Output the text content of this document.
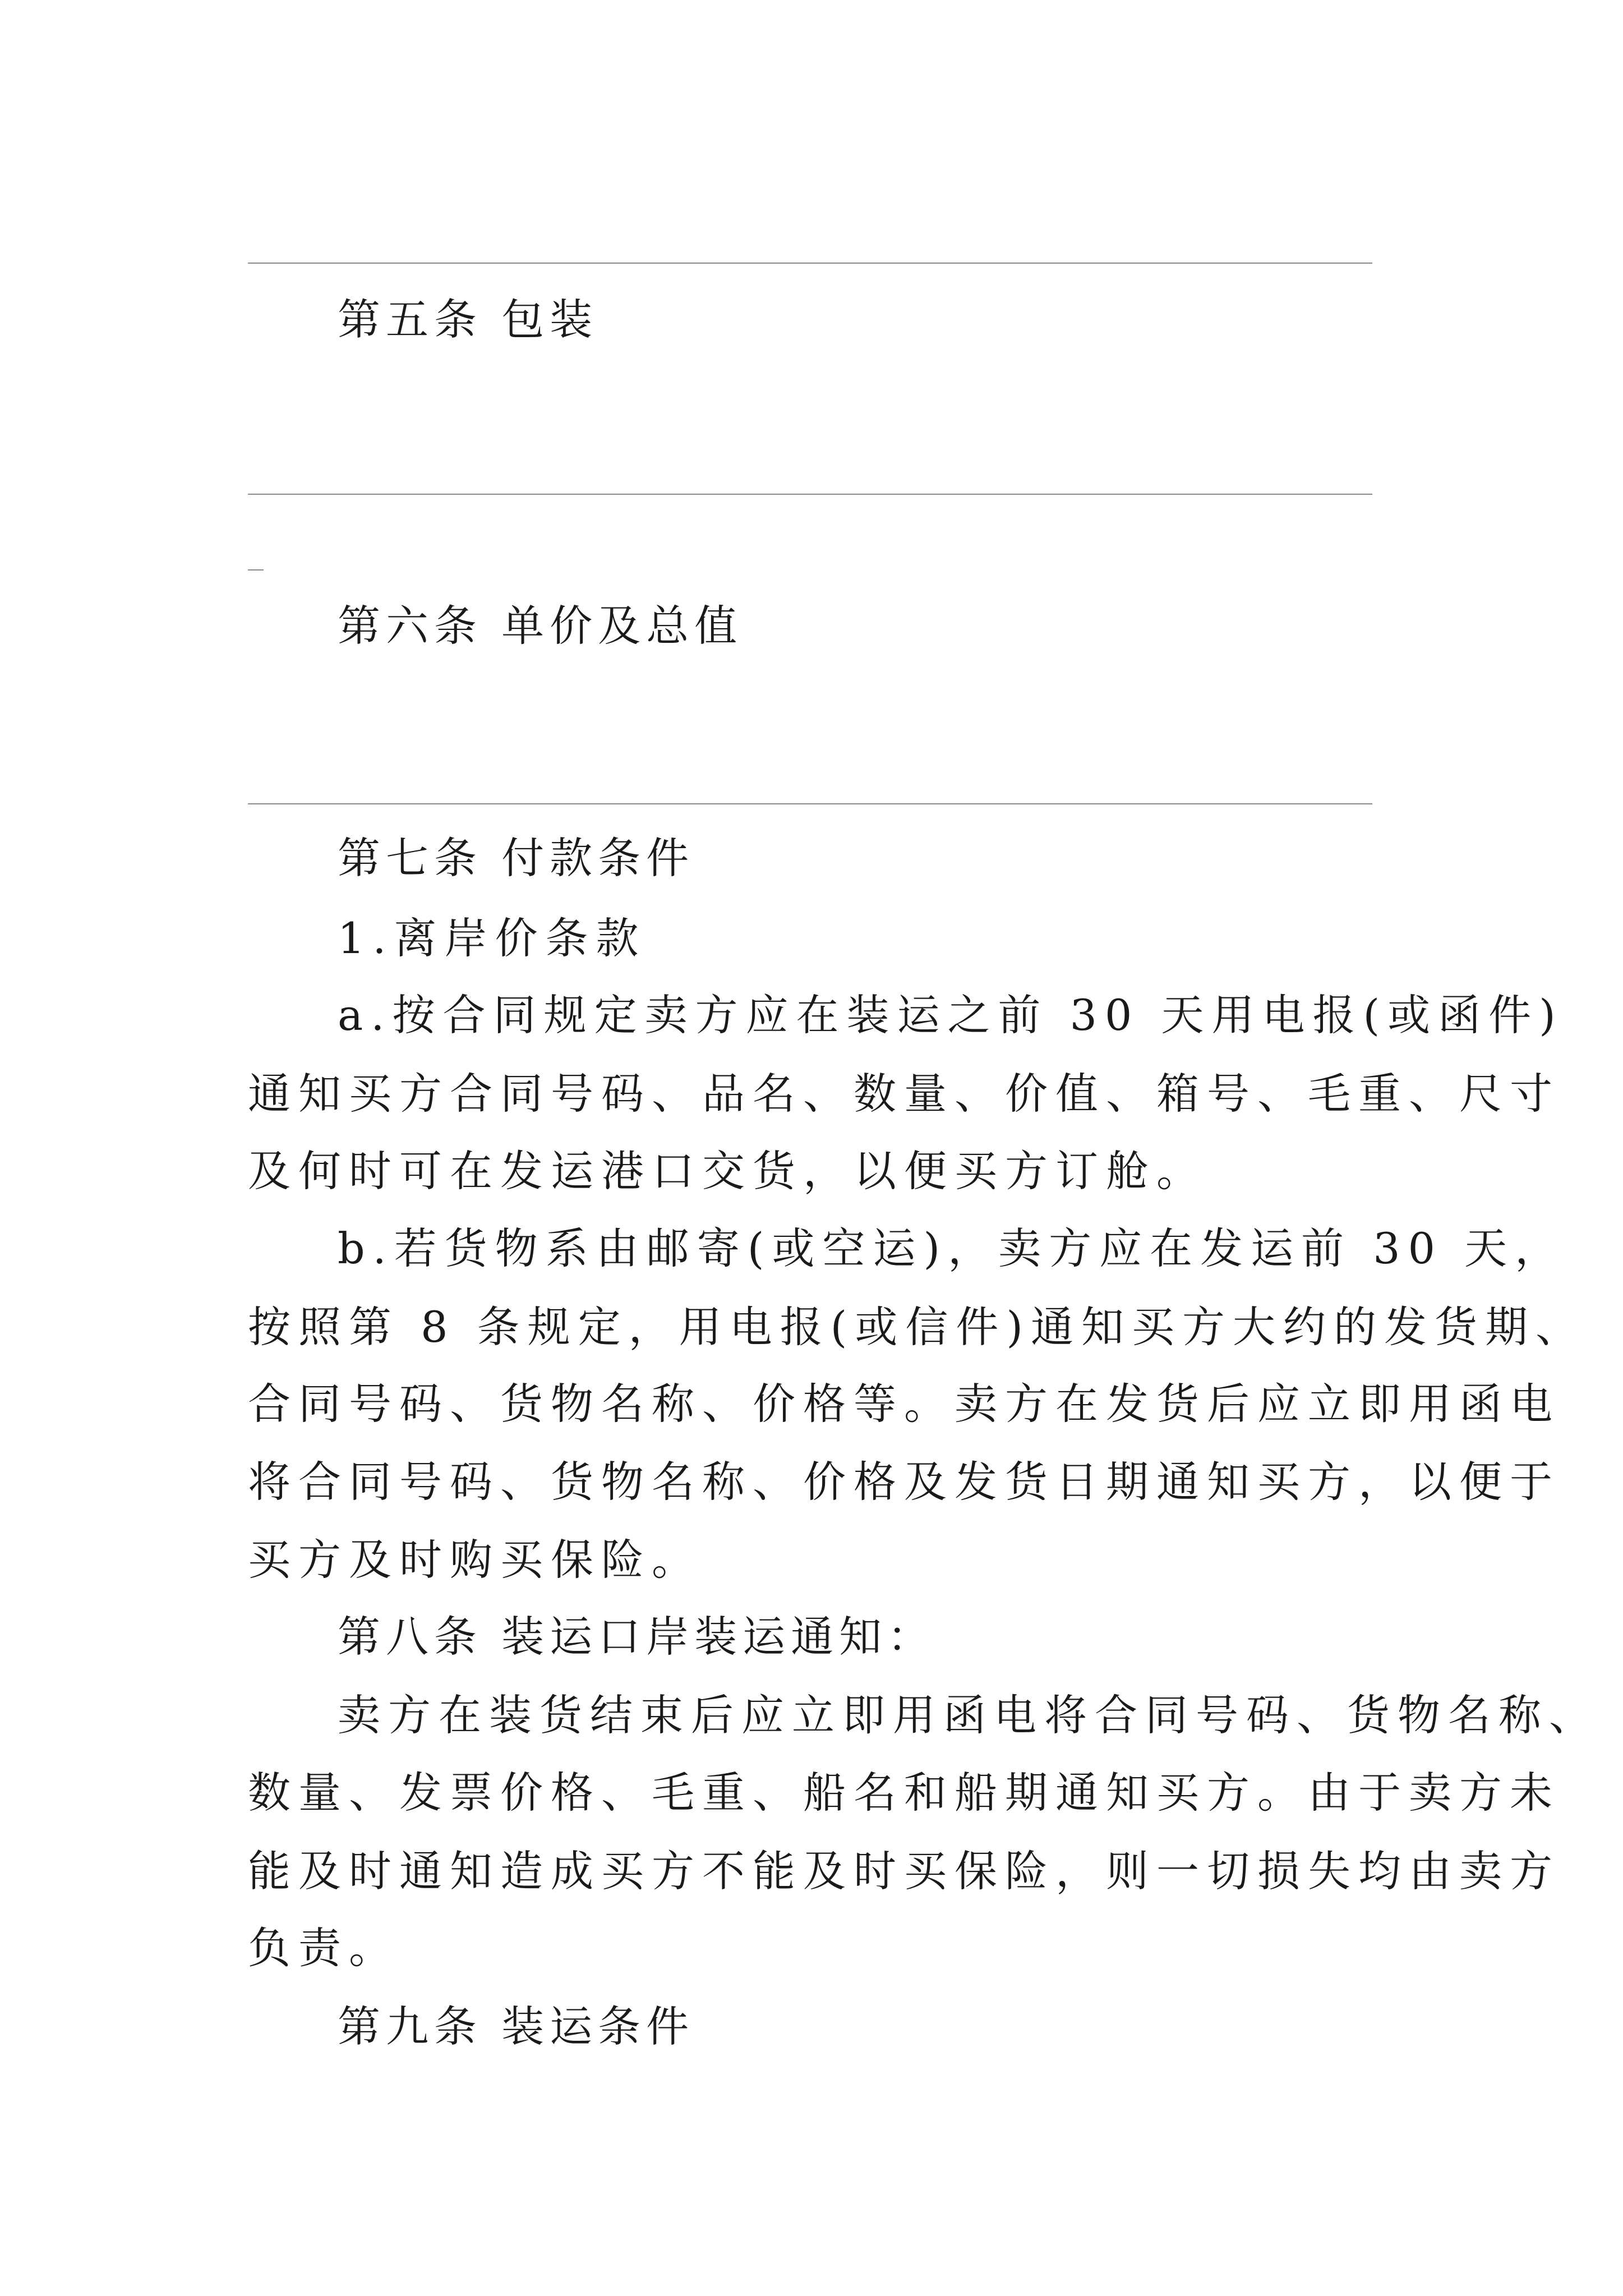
第五条 包装
第六条 单价及总值
第七条 付款条件
1.离岸价条款
a.按合同规定卖方应在装运之前 30 天用电报(或函件)
通知买方合同号码、品名、数量、价值、箱号、毛重、尺寸
及何时可在发运港口交货，以便买方订舱。
b.若货物系由邮寄(或空运)，卖方应在发运前 30 天，
按照第 8 条规定，用电报(或信件)通知买方大约的发货期、
合同号码、货物名称、价格等。卖方在发货后应立即用函电
将合同号码、货物名称、价格及发货日期通知买方，以便于
买方及时购买保险。
第八条 装运口岸装运通知：
卖方在装货结束后应立即用函电将合同号码、货物名称、
数量、发票价格、毛重、船名和船期通知买方。由于卖方未
能及时通知造成买方不能及时买保险，则一切损失均由卖方
负责。
第九条 装运条件
